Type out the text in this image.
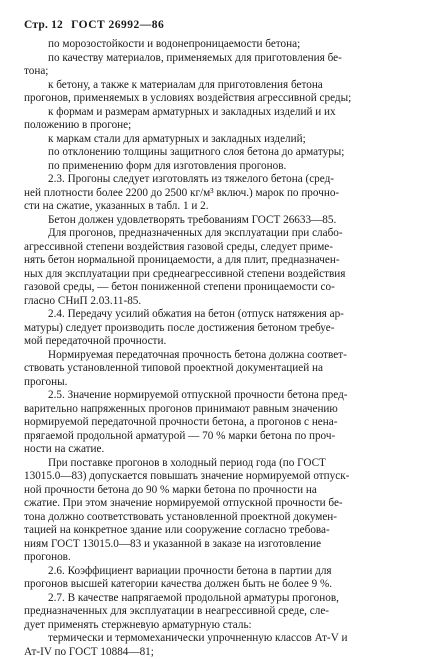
Стр. 12 ГОСТ 26992—86
по морозостойкости и водонепроницаемости бетона;
по качеству материалов, применяемых для приготовления бе-
тона;
к бетону, а также к материалам для приготовления бетона
прогонов, применяемых в условиях воздействия агрессивной среды;
к формам и размерам арматурных и закладных изделий и их
положению в прогоне;
к маркам стали для арматурных и закладных изделий;
по отклонению толщины защитного слоя бетона до арматуры;
по применению форм для изготовления прогонов.
2.3. Прогоны следует изготовлять из тяжелого бетона (сред-
ней плотности более 2200 до 2500 кг/м³ включ.) марок по прочно-
сти на сжатие, указанных в табл. 1 и 2.
Бетон должен удовлетворять требованиям ГОСТ 26633—85.
Для прогонов, предназначенных для эксплуатации при слабо-
агрессивной степени воздействия газовой среды, следует приме-
нять бетон нормальной проницаемости, а для плит, предназначен-
ных для эксплуатации при среднеагрессивной степени воздействия
газовой среды, — бетон пониженной степени проницаемости со-
гласно СНиП 2.03.11-85.
2.4. Передачу усилий обжатия на бетон (отпуск натяжения ар-
матуры) следует производить после достижения бетоном требуе-
мой передаточной прочности.
Нормируемая передаточная прочность бетона должна соответ-
ствовать установленной типовой проектной документацией на
прогоны.
2.5. Значение нормируемой отпускной прочности бетона пред-
варительно напряженных прогонов принимают равным значению
нормируемой передаточной прочности бетона, а прогонов с нена-
прягаемой продольной арматурой — 70 % марки бетона по проч-
ности на сжатие.
При поставке прогонов в холодный период года (по ГОСТ
13015.0—83) допускается повышать значение нормируемой отпуск-
ной прочности бетона до 90 % марки бетона по прочности на
сжатие. При этом значение нормируемой отпускной прочности бе-
тона должно соответствовать установленной проектной докумен-
тацией на конкретное здание или сооружение согласно требова-
ниям ГОСТ 13015.0—83 и указанной в заказе на изготовление
прогонов.
2.6. Коэффициент вариации прочности бетона в партии для
прогонов высшей категории качества должен быть не более 9 %.
2.7. В качестве напрягаемой продольной арматуры прогонов,
предназначенных для эксплуатации в неагрессивной среде, сле-
дует применять стержневую арматурную сталь:
термически и термомеханически упрочненную классов Ат-V и
Ат-IV по ГОСТ 10884—81;
